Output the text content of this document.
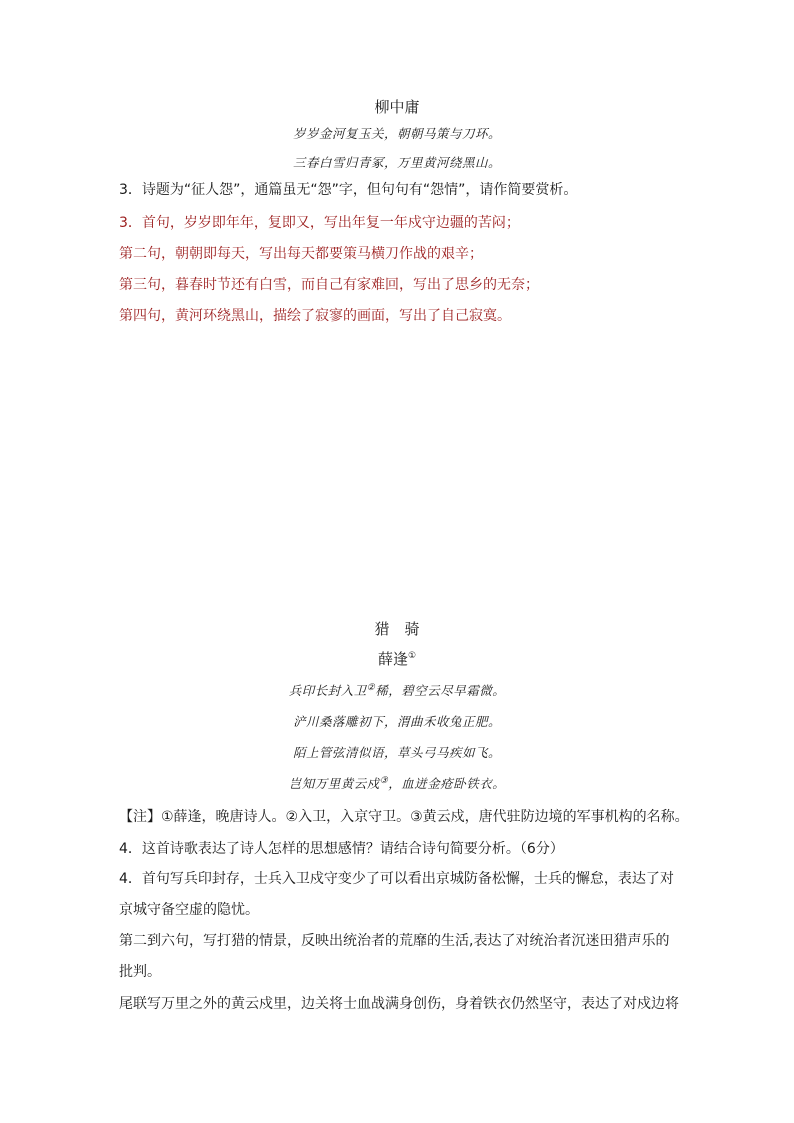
柳中庸
岁岁金河复玉关，朝朝马策与刀环。
三春白雪归青冢，万里黄河绕黑山。
3．诗题为“征人怨”，通篇虽无“怨”字，但句句有“怨情”，请作简要赏析。
3．首句，岁岁即年年，复即又，写出年复一年戍守边疆的苦闷；
第二句，朝朝即每天，写出每天都要策马横刀作战的艰辛；
第三句，暮春时节还有白雪，而自己有家难回，写出了思乡的无奈；
第四句，黄河环绕黑山，描绘了寂寥的画面，写出了自己寂寞。
猎　骑
薛逢①
兵印长封入卫②稀，碧空云尽早霜微。
浐川桑落雕初下，渭曲禾收兔正肥。
陌上管弦清似语，草头弓马疾如飞。
岂知万里黄云戍③，血迸金疮卧铁衣。
【注】①薛逢，晚唐诗人。②入卫，入京守卫。③黄云戍，唐代驻防边境的军事机构的名称。
4．这首诗歌表达了诗人怎样的思想感情？请结合诗句简要分析。（6分）
4．首句写兵印封存，士兵入卫戍守变少了可以看出京城防备松懈，士兵的懈怠，表达了对
京城守备空虚的隐忧。
第二到六句，写打猎的情景，反映出统治者的荒靡的生活,表达了对统治者沉迷田猎声乐的
批判。
尾联写万里之外的黄云戍里，边关将士血战满身创伤，身着铁衣仍然坚守，表达了对戍边将
